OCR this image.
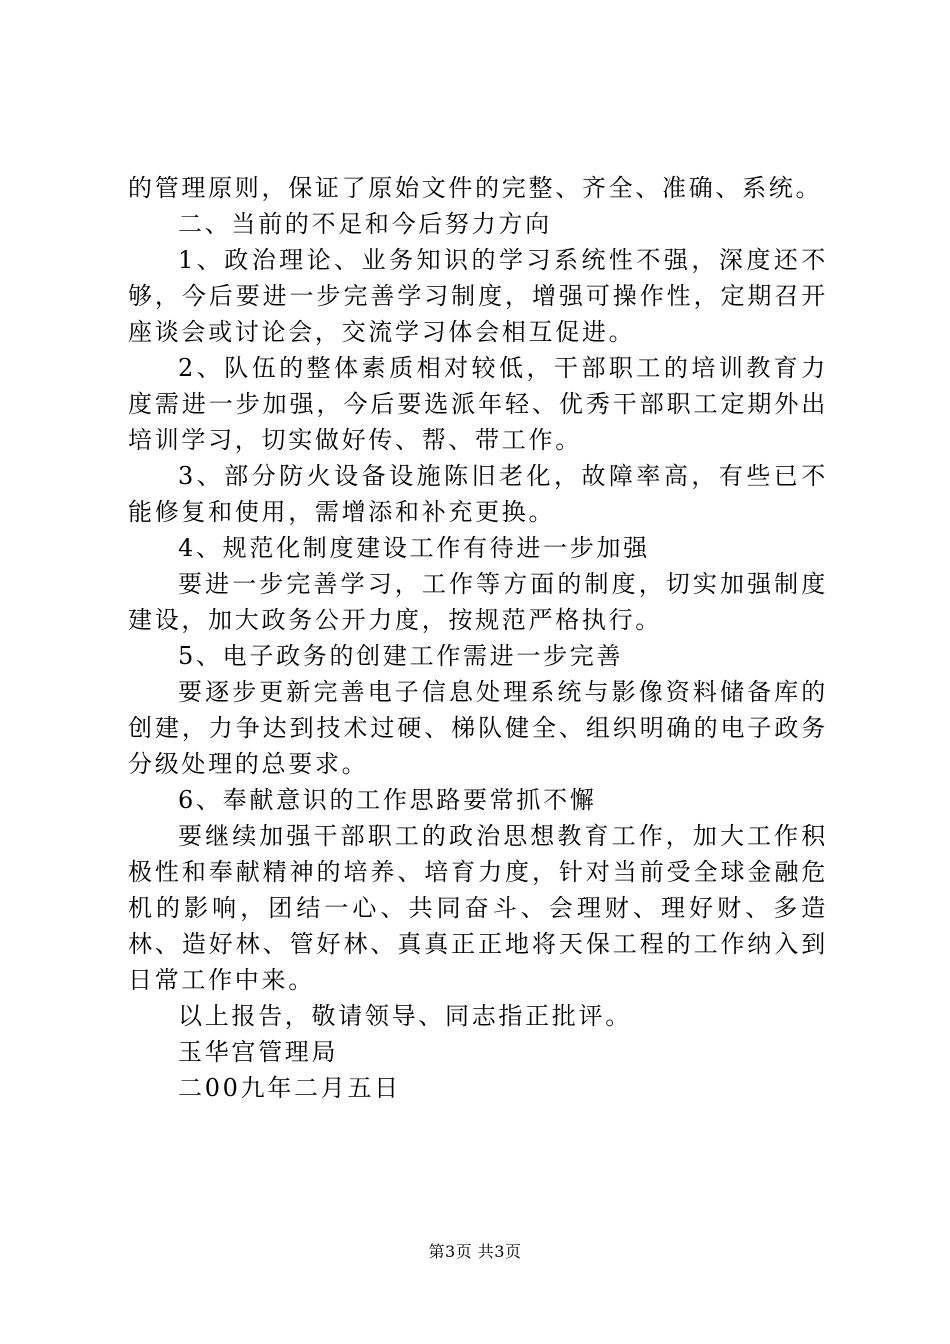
的管理原则，保证了原始文件的完整、齐全、准确、系统。

二、当前的不足和今后努力方向

1、政治理论、业务知识的学习系统性不强，深度还不够，今后要进一步完善学习制度，增强可操作性，定期召开座谈会或讨论会，交流学习体会相互促进。

2、队伍的整体素质相对较低，干部职工的培训教育力度需进一步加强，今后要选派年轻、优秀干部职工定期外出培训学习，切实做好传、帮、带工作。

3、部分防火设备设施陈旧老化，故障率高，有些已不能修复和使用，需增添和补充更换。

4、规范化制度建设工作有待进一步加强

要进一步完善学习，工作等方面的制度，切实加强制度建设，加大政务公开力度，按规范严格执行。

5、电子政务的创建工作需进一步完善

要逐步更新完善电子信息处理系统与影像资料储备库的创建，力争达到技术过硬、梯队健全、组织明确的电子政务分级处理的总要求。

6、奉献意识的工作思路要常抓不懈

要继续加强干部职工的政治思想教育工作，加大工作积极性和奉献精神的培养、培育力度，针对当前受全球金融危机的影响，团结一心、共同奋斗、会理财、理好财、多造林、造好林、管好林、真真正正地将天保工程的工作纳入到日常工作中来。

以上报告，敬请领导、同志指正批评。

玉华宫管理局

二00九年二月五日

第3页 共3页
